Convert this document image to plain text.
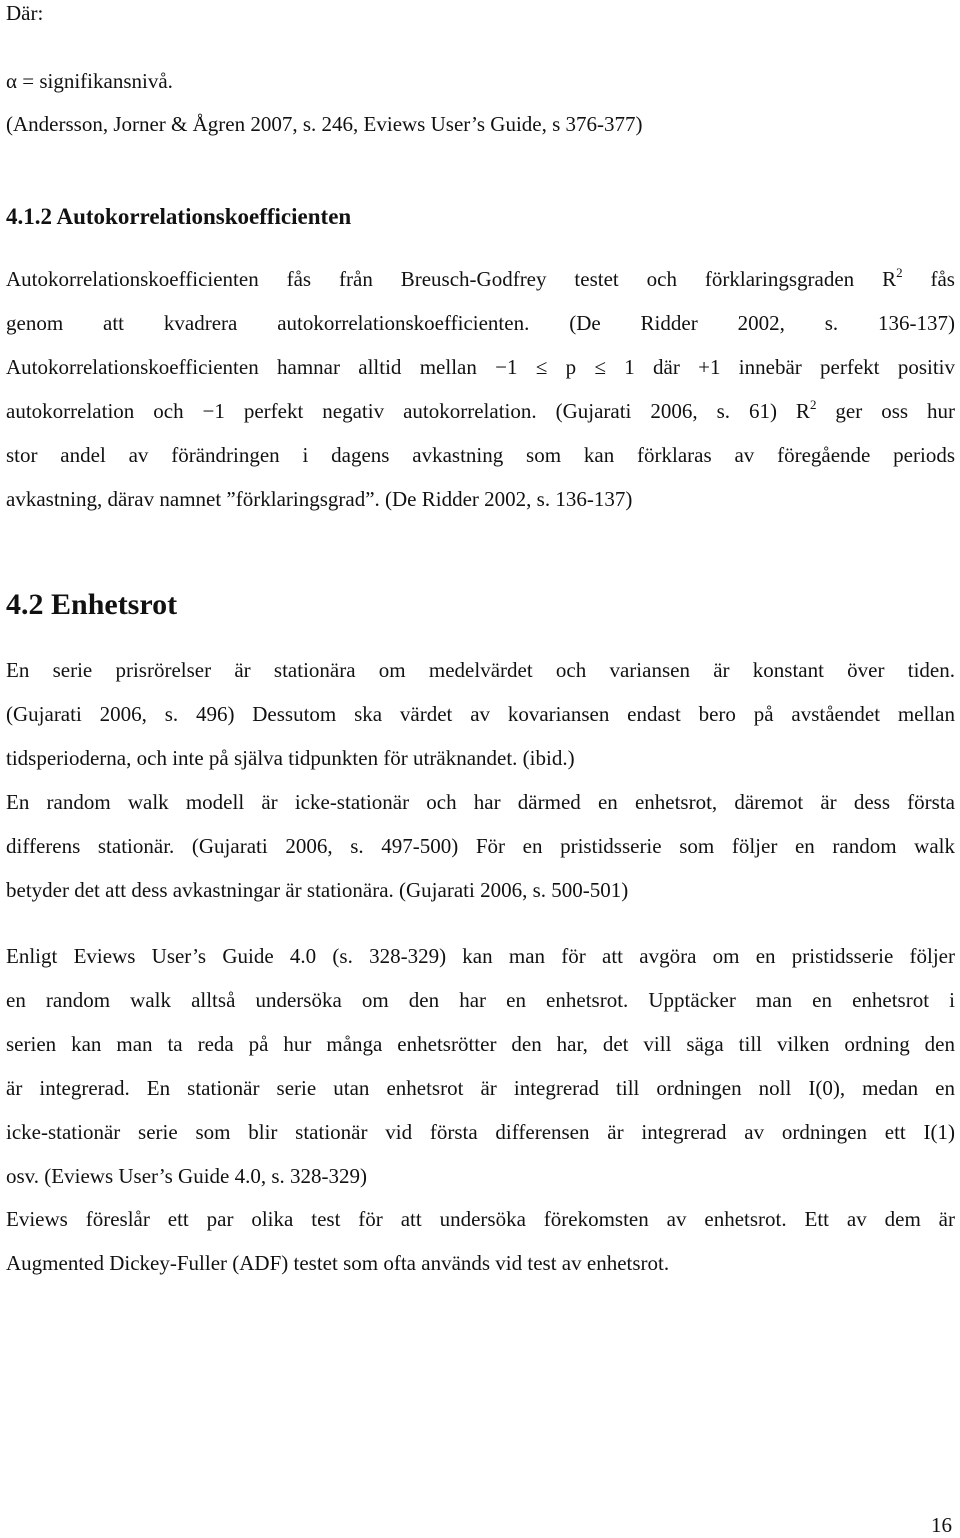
Där:
α = signifikansnivå.
(Andersson, Jorner & Ågren 2007, s. 246, Eviews User’s Guide, s 376-377)
4.1.2 Autokorrelationskoefficienten
Autokorrelationskoefficienten fås från Breusch-Godfrey testet och förklaringsgraden $R^2$ fås
genom att kvadrera autokorrelationskoefficienten. (De Ridder 2002, s. 136-137)
Autokorrelationskoefficienten hamnar alltid mellan −1 ≤ p ≤ 1 där +1 innebär perfekt positiv
autokorrelation och −1 perfekt negativ autokorrelation. (Gujarati 2006, s. 61) $R^2$ ger oss hur
stor andel av förändringen i dagens avkastning som kan förklaras av föregående periods
avkastning, därav namnet ”förklaringsgrad”. (De Ridder 2002, s. 136-137)
4.2 Enhetsrot
En serie prisrörelser är stationära om medelvärdet och variansen är konstant över tiden.
(Gujarati 2006, s. 496) Dessutom ska värdet av kovariansen endast bero på avståendet mellan
tidsperioderna, och inte på själva tidpunkten för uträknandet. (ibid.)
En random walk modell är icke-stationär och har därmed en enhetsrot, däremot är dess första
differens stationär. (Gujarati 2006, s. 497-500) För en pristidsserie som följer en random walk
betyder det att dess avkastningar är stationära. (Gujarati 2006, s. 500-501)
Enligt Eviews User’s Guide 4.0 (s. 328-329) kan man för att avgöra om en pristidsserie följer
en random walk alltså undersöka om den har en enhetsrot. Upptäcker man en enhetsrot i
serien kan man ta reda på hur många enhetsrötter den har, det vill säga till vilken ordning den
är integrerad. En stationär serie utan enhetsrot är integrerad till ordningen noll I(0), medan en
icke-stationär serie som blir stationär vid första differensen är integrerad av ordningen ett I(1)
osv. (Eviews User’s Guide 4.0, s. 328-329)
Eviews föreslår ett par olika test för att undersöka förekomsten av enhetsrot. Ett av dem är
Augmented Dickey-Fuller (ADF) testet som ofta används vid test av enhetsrot.
16
